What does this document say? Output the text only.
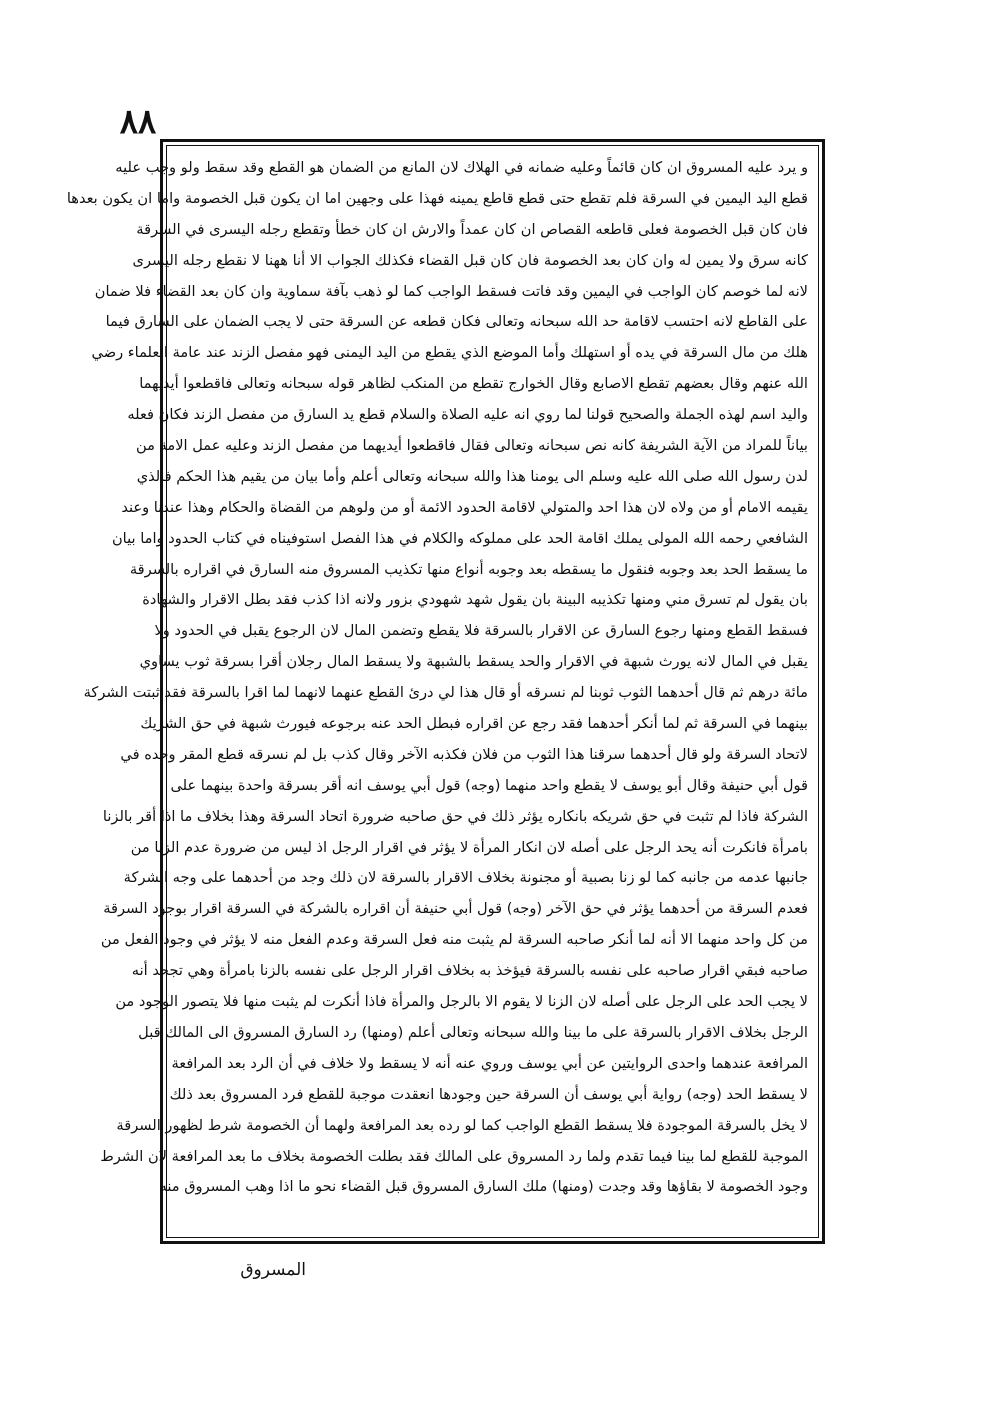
٨٨
و يرد عليه المسروق ان كان قائماً وعليه ضمانه في الهلاك لان المانع من الضمان هو القطع وقد سقط ولو وجب عليه
قطع اليد اليمين في السرقة فلم تقطع حتى قطع قاطع يمينه فهذا على وجهين اما ان يكون قبل الخصومة واما ان يكون بعدها
فان كان قبل الخصومة فعلى قاطعه القصاص ان كان عمداً والارش ان كان خطأ وتقطع رجله اليسرى في السرقة
كانه سرق ولا يمين له وان كان بعد الخصومة فان كان قبل القضاء فكذلك الجواب الا أنا ههنا لا نقطع رجله اليسرى
لانه لما خوصم كان الواجب في اليمين وقد فاتت فسقط الواجب كما لو ذهب بآفة سماوية وان كان بعد القضاء فلا ضمان
على القاطع لانه احتسب لاقامة حد الله سبحانه وتعالى فكان قطعه عن السرقة حتى لا يجب الضمان على السارق فيما
هلك من مال السرقة في يده أو استهلك وأما الموضع الذي يقطع من اليد اليمنى فهو مفصل الزند عند عامة العلماء رضي
الله عنهم وقال بعضهم تقطع الاصابع وقال الخوارج تقطع من المنكب لظاهر قوله سبحانه وتعالى فاقطعوا أيديهما
واليد اسم لهذه الجملة والصحيح قولنا لما روي انه عليه الصلاة والسلام قطع يد السارق من مفصل الزند فكان فعله
بياناً للمراد من الآية الشريفة كانه نص سبحانه وتعالى فقال فاقطعوا أيديهما من مفصل الزند وعليه عمل الامة من
لدن رسول الله صلى الله عليه وسلم الى يومنا هذا والله سبحانه وتعالى أعلم وأما بيان من يقيم هذا الحكم فالذي
يقيمه الامام أو من ولاه لان هذا احد والمتولي لاقامة الحدود الائمة أو من ولوهم من القضاة والحكام وهذا عندنا وعند
الشافعي رحمه الله المولى يملك اقامة الحد على مملوكه والكلام في هذا الفصل استوفيناه في كتاب الحدود واما بيان
ما يسقط الحد بعد وجوبه فنقول ما يسقطه بعد وجوبه أنواع منها تكذيب المسروق منه السارق في اقراره بالسرقة
بان يقول لم تسرق مني ومنها تكذيبه البينة بان يقول شهد شهودي بزور ولانه اذا كذب فقد بطل الاقرار والشهادة
فسقط القطع ومنها رجوع السارق عن الاقرار بالسرقة فلا يقطع وتضمن المال لان الرجوع يقبل في الحدود ولا
يقبل في المال لانه يورث شبهة في الاقرار والحد يسقط بالشبهة ولا يسقط المال رجلان أقرا بسرقة ثوب يساوي
مائة درهم ثم قال أحدهما الثوب ثوبنا لم نسرقه أو قال هذا لي درئ القطع عنهما لانهما لما اقرا بالسرقة فقد ثبتت الشركة
بينهما في السرقة ثم لما أنكر أحدهما فقد رجع عن اقراره فبطل الحد عنه برجوعه فيورث شبهة في حق الشريك
لاتحاد السرقة ولو قال أحدهما سرقنا هذا الثوب من فلان فكذبه الآخر وقال كذب بل لم نسرقه قطع المقر وحده في
قول أبي حنيفة وقال أبو يوسف لا يقطع واحد منهما (وجه) قول أبي يوسف انه أقر بسرقة واحدة بينهما على
الشركة فاذا لم تثبت في حق شريكه بانكاره يؤثر ذلك في حق صاحبه ضرورة اتحاد السرقة وهذا بخلاف ما اذا أقر بالزنا
بامرأة فانكرت أنه يحد الرجل على أصله لان انكار المرأة لا يؤثر في اقرار الرجل اذ ليس من ضرورة عدم الزنا من
جانبها عدمه من جانبه كما لو زنا بصبية أو مجنونة بخلاف الاقرار بالسرقة لان ذلك وجد من أحدهما على وجه الشركة
فعدم السرقة من أحدهما يؤثر في حق الآخر (وجه) قول أبي حنيفة أن اقراره بالشركة في السرقة اقرار بوجود السرقة
من كل واحد منهما الا أنه لما أنكر صاحبه السرقة لم يثبت منه فعل السرقة وعدم الفعل منه لا يؤثر في وجود الفعل من
صاحبه فبقي اقرار صاحبه على نفسه بالسرقة فيؤخذ به بخلاف اقرار الرجل على نفسه بالزنا بامرأة وهي تجحد أنه
لا يجب الحد على الرجل على أصله لان الزنا لا يقوم الا بالرجل والمرأة فاذا أنكرت لم يثبت منها فلا يتصور الوجود من
الرجل بخلاف الاقرار بالسرقة على ما بينا والله سبحانه وتعالى أعلم (ومنها) رد السارق المسروق الى المالك قبل
المرافعة عندهما واحدى الروايتين عن أبي يوسف وروي عنه أنه لا يسقط ولا خلاف في أن الرد بعد المرافعة
لا يسقط الحد (وجه) رواية أبي يوسف أن السرقة حين وجودها انعقدت موجبة للقطع فرد المسروق بعد ذلك
لا يخل بالسرقة الموجودة فلا يسقط القطع الواجب كما لو رده بعد المرافعة ولهما أن الخصومة شرط لظهور السرقة
الموجبة للقطع لما بينا فيما تقدم ولما رد المسروق على المالك فقد بطلت الخصومة بخلاف ما بعد المرافعة لان الشرط
وجود الخصومة لا بقاؤها وقد وجدت (ومنها) ملك السارق المسروق قبل القضاء نحو ما اذا وهب المسروق منه
المسروق
